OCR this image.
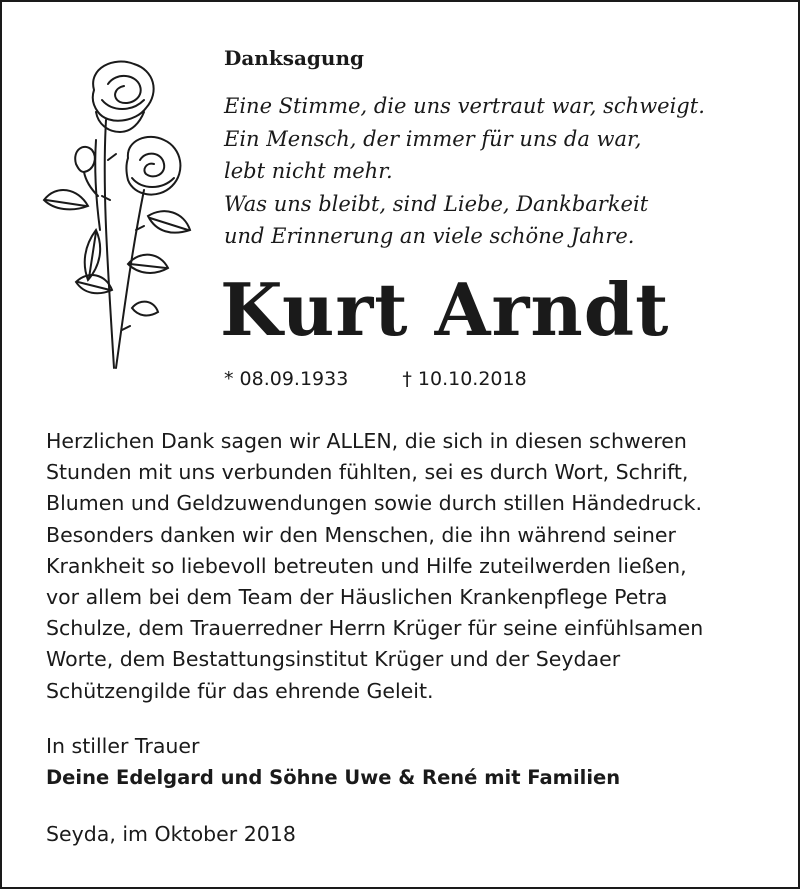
Danksagung
Eine Stimme, die uns vertraut war, schweigt.
Ein Mensch, der immer für uns da war,
lebt nicht mehr.
Was uns bleibt, sind Liebe, Dankbarkeit
und Erinnerung an viele schöne Jahre.
Kurt Arndt
* 08.09.1933	† 10.10.2018
Herzlichen Dank sagen wir ALLEN, die sich in diesen schweren
Stunden mit uns verbunden fühlten, sei es durch Wort, Schrift,
Blumen und Geldzuwendungen sowie durch stillen Händedruck.
Besonders danken wir den Menschen, die ihn während seiner
Krankheit so liebevoll betreuten und Hilfe zuteilwerden ließen,
vor allem bei dem Team der Häuslichen Krankenpflege Petra
Schulze, dem Trauerredner Herrn Krüger für seine einfühlsamen
Worte, dem Bestattungsinstitut Krüger und der Seydaer
Schützengilde für das ehrende Geleit.
In stiller Trauer
Deine Edelgard und Söhne Uwe & René mit Familien
Seyda, im Oktober 2018
